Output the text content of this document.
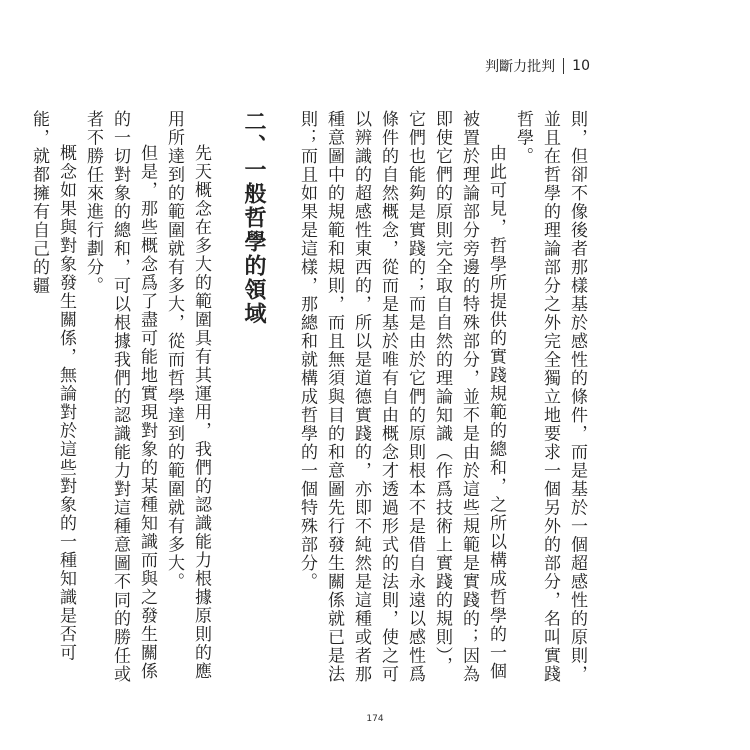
判斷力批判 10

則，但卻不像後者那樣基於感性的條件，而是基於一個超感性的原則，並且在哲學的理論部分之外完全獨立地要求一個另外的部分，名叫實踐哲學。

由此可見，哲學所提供的實踐規範的總和，之所以構成哲學的一個被置於理論部分旁邊的特殊部分，並不是由於這些規範是實踐的；因為即使它們的原則完全取自自然的理論知識（作爲技術上實踐的規則），它們也能夠是實踐的；而是由於它們的原則根本不是借自永遠以感性爲條件的自然概念，從而是基於唯有自由概念才透過形式的法則，使之可以辨識的超感性東西的，所以是道德實踐的，亦即不純然是這種或者那種意圖中的規範和規則，而且無須與目的和意圖先行發生關係就已是法則；而且如果是這樣，那總和就構成哲學的一個特殊部分。

二、一般哲學的領域

先天概念在多大的範圍具有其運用，我們的認識能力根據原則的應用所達到的範圍就有多大，從而哲學達到的範圍就有多大。

但是，那些概念爲了盡可能地實現對象的某種知識而與之發生關係的一切對象的總和，可以根據我們的認識能力對這種意圖不同的勝任或者不勝任來進行劃分。

概念如果與對象發生關係，無論對於這些對象的一種知識是否可能，就都擁有自己的疆

174
